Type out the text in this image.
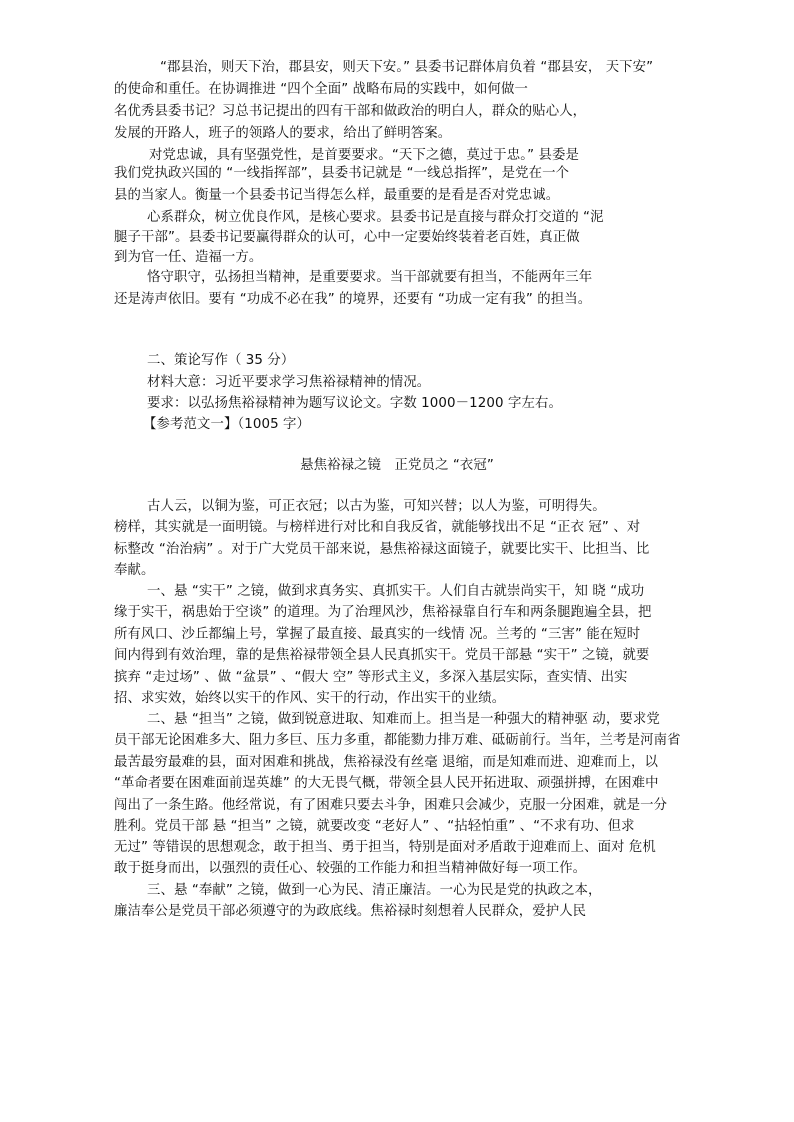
“郡县治，则天下治，郡县安，则天下安。” 县委书记群体肩负着 “郡县安， 天下安”
的使命和重任。在协调推进 “四个全面” 战略布局的实践中，如何做一
名优秀县委书记？习总书记提出的四有干部和做政治的明白人，群众的贴心人，
发展的开路人，班子的领路人的要求，给出了鲜明答案。
对党忠诚，具有坚强党性，是首要要求。“天下之德，莫过于忠。” 县委是
我们党执政兴国的 “一线指挥部”，县委书记就是 “一线总指挥”，是党在一个
县的当家人。衡量一个县委书记当得怎么样，最重要的是看是否对党忠诚。
心系群众，树立优良作风，是核心要求。县委书记是直接与群众打交道的 “泥
腿子干部”。县委书记要赢得群众的认可，心中一定要始终装着老百姓，真正做
到为官一任、造福一方。
恪守职守，弘扬担当精神，是重要要求。当干部就要有担当，不能两年三年
还是涛声依旧。要有 “功成不必在我” 的境界，还要有 “功成一定有我” 的担当。
二、策论写作（ 35 分）
材料大意：习近平要求学习焦裕禄精神的情况。
要求：以弘扬焦裕禄精神为题写议论文。字数 1000－1200 字左右。
【参考范文一】（1005 字）
悬焦裕禄之镜　正党员之 “衣冠”
古人云，以铜为鉴，可正衣冠；以古为鉴，可知兴替；以人为鉴，可明得失。
榜样，其实就是一面明镜。与榜样进行对比和自我反省，就能够找出不足 “正衣 冠” 、对
标整改 “治治病” 。对于广大党员干部来说，悬焦裕禄这面镜子，就要比实干、比担当、比
奉献。
一、悬 “实干” 之镜，做到求真务实、真抓实干。人们自古就崇尚实干，知 晓 “成功
缘于实干，祸患始于空谈” 的道理。为了治理风沙，焦裕禄靠自行车和两条腿跑遍全县，把
所有风口、沙丘都编上号，掌握了最直接、最真实的一线情 况。兰考的 “三害” 能在短时
间内得到有效治理，靠的是焦裕禄带领全县人民真抓实干。党员干部悬 “实干” 之镜，就要
摈弃 “走过场” 、做 “盆景” 、“假大 空” 等形式主义，多深入基层实际，查实情、出实
招、求实效，始终以实干的作风、实干的行动，作出实干的业绩。
二、悬 “担当” 之镜，做到锐意进取、知难而上。担当是一种强大的精神驱 动，要求党
员干部无论困难多大、阻力多巨、压力多重，都能勠力排万难、砥砺前行。当年，兰考是河南省
最苦最穷最难的县，面对困难和挑战，焦裕禄没有丝毫 退缩，而是知难而进、迎难而上，以
“革命者要在困难面前逞英雄” 的大无畏气概，带领全县人民开拓进取、顽强拼搏，在困难中
闯出了一条生路。他经常说，有了困难只要去斗争，困难只会减少，克服一分困难，就是一分
胜利。党员干部 悬 “担当” 之镜，就要改变 “老好人” 、“拈轻怕重” 、“不求有功、但求
无过” 等错误的思想观念，敢于担当、勇于担当，特别是面对矛盾敢于迎难而上、面对 危机
敢于挺身而出，以强烈的责任心、较强的工作能力和担当精神做好每一项工作。
三、悬 “奉献” 之镜，做到一心为民、清正廉洁。一心为民是党的执政之本，
廉洁奉公是党员干部必须遵守的为政底线。焦裕禄时刻想着人民群众，爱护人民
